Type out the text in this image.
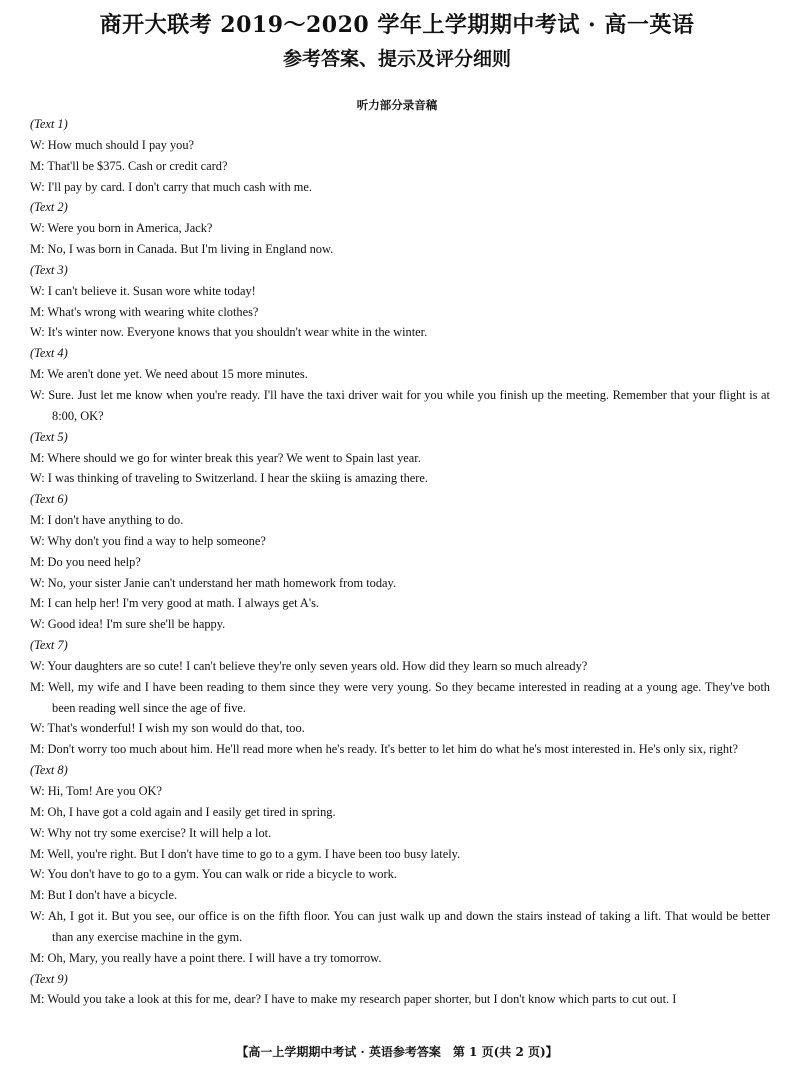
商开大联考 2019～2020 学年上学期期中考试 · 高一英语
参考答案、提示及评分细则
听力部分录音稿
(Text 1)
W: How much should I pay you?
M: That'll be $375. Cash or credit card?
W: I'll pay by card. I don't carry that much cash with me.
(Text 2)
W: Were you born in America, Jack?
M: No, I was born in Canada. But I'm living in England now.
(Text 3)
W: I can't believe it. Susan wore white today!
M: What's wrong with wearing white clothes?
W: It's winter now. Everyone knows that you shouldn't wear white in the winter.
(Text 4)
M: We aren't done yet. We need about 15 more minutes.
W: Sure. Just let me know when you're ready. I'll have the taxi driver wait for you while you finish up the meeting. Remember that your flight is at 8:00, OK?
(Text 5)
M: Where should we go for winter break this year? We went to Spain last year.
W: I was thinking of traveling to Switzerland. I hear the skiing is amazing there.
(Text 6)
M: I don't have anything to do.
W: Why don't you find a way to help someone?
M: Do you need help?
W: No, your sister Janie can't understand her math homework from today.
M: I can help her! I'm very good at math. I always get A's.
W: Good idea! I'm sure she'll be happy.
(Text 7)
W: Your daughters are so cute! I can't believe they're only seven years old. How did they learn so much already?
M: Well, my wife and I have been reading to them since they were very young. So they became interested in reading at a young age. They've both been reading well since the age of five.
W: That's wonderful! I wish my son would do that, too.
M: Don't worry too much about him. He'll read more when he's ready. It's better to let him do what he's most interested in. He's only six, right?
(Text 8)
W: Hi, Tom! Are you OK?
M: Oh, I have got a cold again and I easily get tired in spring.
W: Why not try some exercise? It will help a lot.
M: Well, you're right. But I don't have time to go to a gym. I have been too busy lately.
W: You don't have to go to a gym. You can walk or ride a bicycle to work.
M: But I don't have a bicycle.
W: Ah, I got it. But you see, our office is on the fifth floor. You can just walk up and down the stairs instead of taking a lift. That would be better than any exercise machine in the gym.
M: Oh, Mary, you really have a point there. I will have a try tomorrow.
(Text 9)
M: Would you take a look at this for me, dear? I have to make my research paper shorter, but I don't know which parts to cut out. I
【高一上学期期中考试 · 英语参考答案　第 1 页(共 2 页)】
